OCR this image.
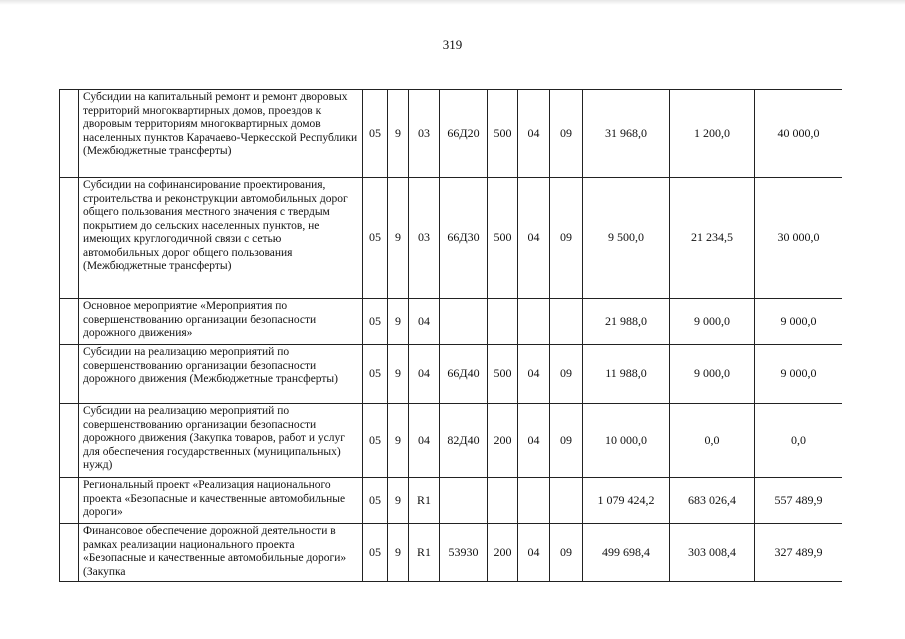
319
	Субсидии на капитальный ремонт и ремонт дворовых территорий многоквартирных домов, проездов к дворовым территориям многоквартирных домов населенных пунктов Карачаево-Черкесской Республики (Межбюджетные трансферты)	05	9	03	66Д20	500	04	09	31 968,0	1 200,0	40 000,0
	Субсидии на софинансирование проектирования, строительства и реконструкции автомобильных дорог общего пользования местного значения с твердым покрытием до сельских населенных пунктов, не имеющих круглогодичной связи с сетью автомобильных дорог общего пользования (Межбюджетные трансферты)	05	9	03	66Д30	500	04	09	9 500,0	21 234,5	30 000,0
	Основное мероприятие «Мероприятия по совершенствованию организации безопасности дорожного движения»	05	9	04					21 988,0	9 000,0	9 000,0
	Субсидии на реализацию мероприятий по совершенствованию организации безопасности дорожного движения (Межбюджетные трансферты)	05	9	04	66Д40	500	04	09	11 988,0	9 000,0	9 000,0
	Субсидии на реализацию мероприятий по совершенствованию организации безопасности дорожного движения (Закупка товаров, работ и услуг для обеспечения государственных (муниципальных) нужд)	05	9	04	82Д40	200	04	09	10 000,0	0,0	0,0
	Региональный проект «Реализация национального проекта «Безопасные и качественные автомобильные дороги»	05	9	R1					1 079 424,2	683 026,4	557 489,9
	Финансовое обеспечение дорожной деятельности в рамках реализации национального проекта «Безопасные и качественные автомобильные дороги» (Закупка	05	9	R1	53930	200	04	09	499 698,4	303 008,4	327 489,9
